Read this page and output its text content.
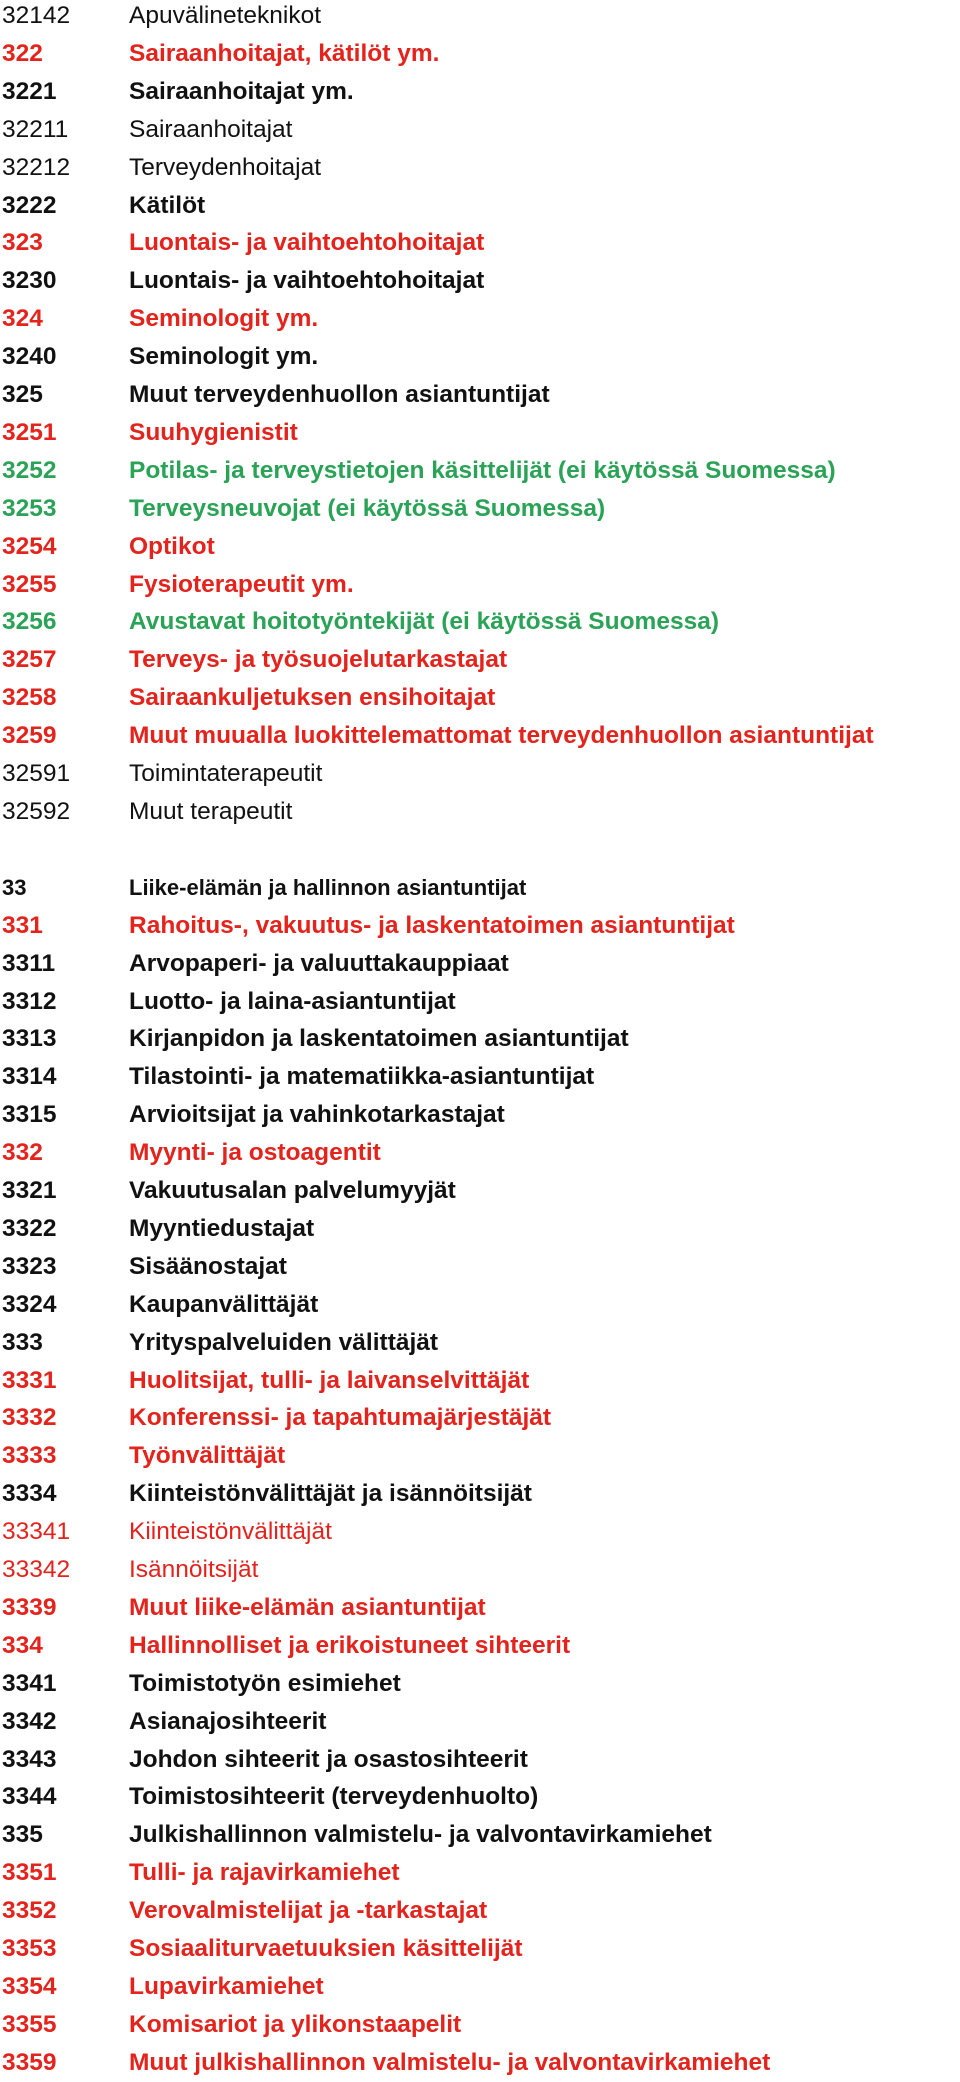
32142 Apuvälineteknikot
322	Sairaanhoitajat, kätilöt ym.
3221	Sairaanhoitajat ym.
32211 Sairaanhoitajat
32212 Terveydenhoitajat
3222	Kätilöt
323	Luontais- ja vaihtoehtohoitajat
3230	Luontais- ja vaihtoehtohoitajat
324	Seminologit ym.
3240	Seminologit ym.
325	Muut terveydenhuollon asiantuntijat
3251	Suuhygienistit
3252	Potilas- ja terveystietojen käsittelijät (ei käytössä Suomessa)
3253	Terveysneuvojat (ei käytössä Suomessa)
3254	Optikot
3255	Fysioterapeutit ym.
3256	Avustavat hoitotyöntekijät (ei käytössä Suomessa)
3257	Terveys- ja työsuojelutarkastajat
3258	Sairaankuljetuksen ensihoitajat
3259	Muut muualla luokittelemattomat terveydenhuollon asiantuntijat
32591 Toimintaterapeutit
32592 Muut terapeutit
33	Liike-elämän ja hallinnon asiantuntijat
331	Rahoitus-, vakuutus- ja laskentatoimen asiantuntijat
3311	Arvopaperi- ja valuuttakauppiaat
3312	Luotto- ja laina-asiantuntijat
3313	Kirjanpidon ja laskentatoimen asiantuntijat
3314	Tilastointi- ja matematiikka-asiantuntijat
3315	Arvioitsijat ja vahinkotarkastajat
332	Myynti- ja ostoagentit
3321	Vakuutusalan palvelumyyjät
3322	Myyntiedustajat
3323	Sisäänostajat
3324	Kaupanvälittäjät
333	Yrityspalveluiden välittäjät
3331	Huolitsijat, tulli- ja laivanselvittäjät
3332	Konferenssi- ja tapahtumajärjestäjät
3333	Työnvälittäjät
3334	Kiinteistönvälittäjät ja isännöitsijät
33341 Kiinteistönvälittäjät
33342 Isännöitsijät
3339	Muut liike-elämän asiantuntijat
334	Hallinnolliset ja erikoistuneet sihteerit
3341	Toimistotyön esimiehet
3342	Asianajosihteerit
3343	Johdon sihteerit ja osastosihteerit
3344	Toimistosihteerit (terveydenhuolto)
335	Julkishallinnon valmistelu- ja valvontavirkamiehet
3351	Tulli- ja rajavirkamiehet
3352	Verovalmistelijat ja -tarkastajat
3353	Sosiaaliturvaetuuksien käsittelijät
3354	Lupavirkamiehet
3355	Komisariot ja ylikonstaapelit
3359	Muut julkishallinnon valmistelu- ja valvontavirkamiehet
